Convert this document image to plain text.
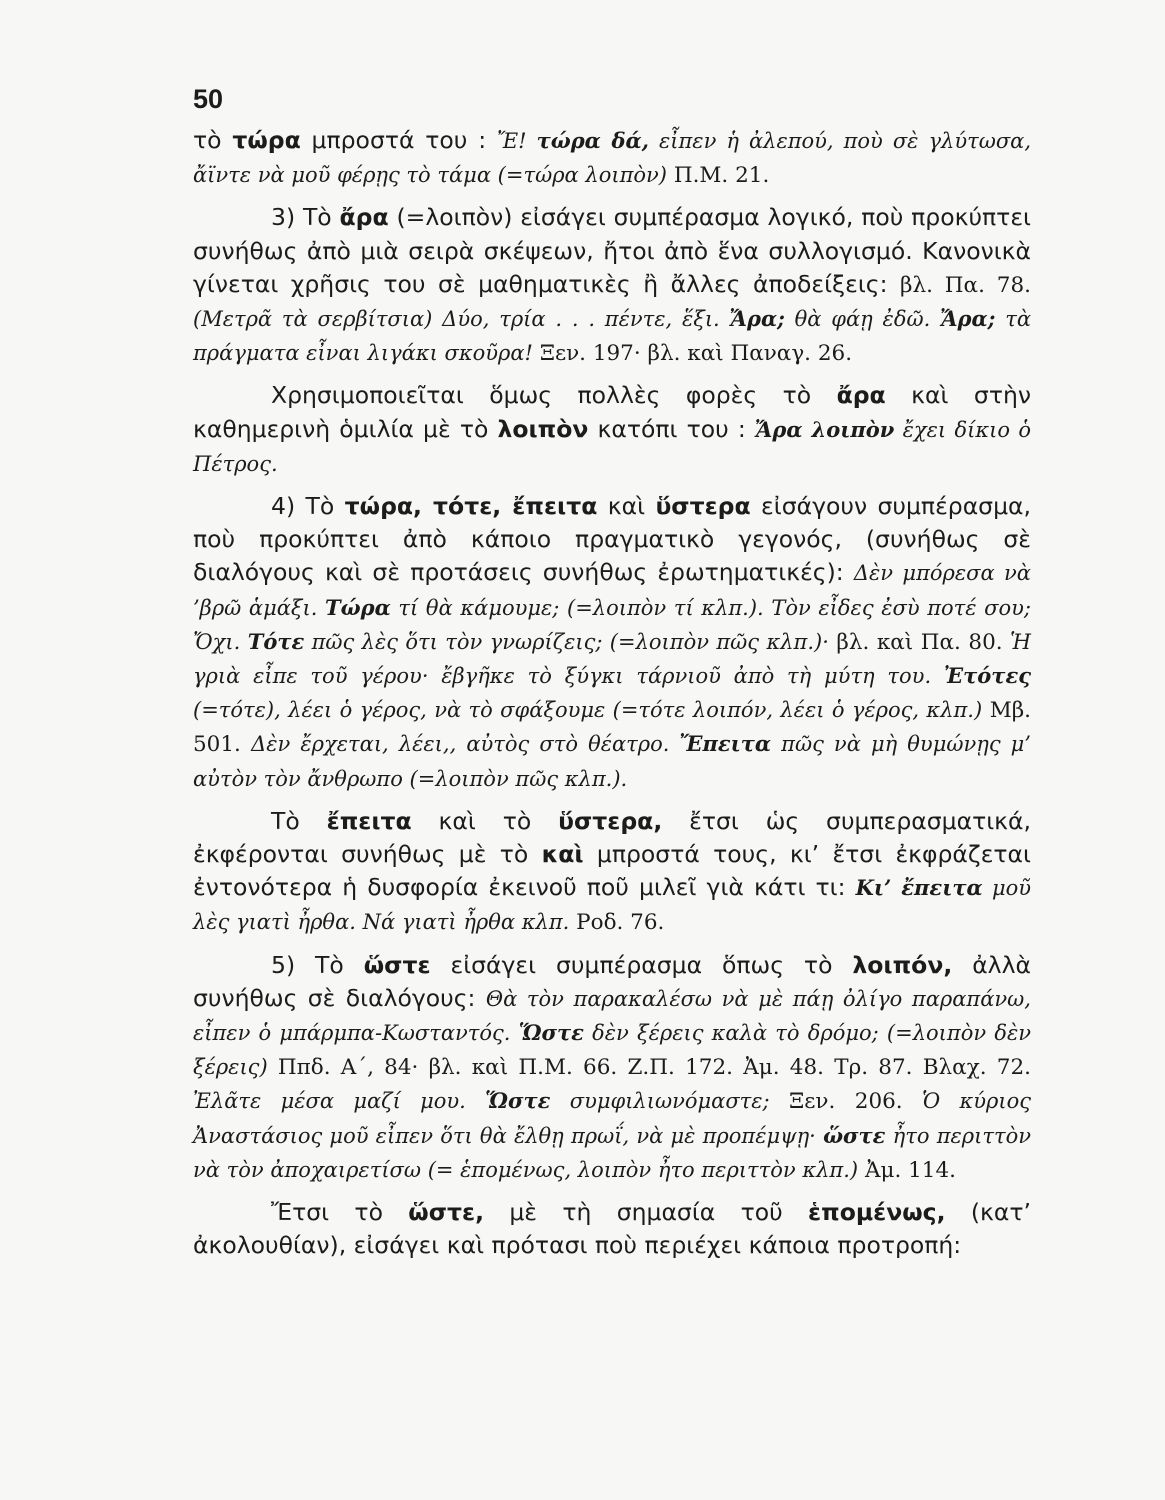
50

τὸ τώρα μπροστά του : Ἔ! τώρα δά, εἶπεν ἡ ἀλεπού, ποὺ σὲ γλύτωσα, ἄϊντε νὰ μοῦ φέρῃς τὸ τάμα (=τώρα λοιπὸν) Π.Μ. 21.

3) Τὸ ἄρα (=λοιπὸν) εἰσάγει συμπέρασμα λογικό, ποὺ προκύπτει συνήθως ἀπὸ μιὰ σειρὰ σκέψεων, ἤτοι ἀπὸ ἕνα συλλογισμό. Κανονικὰ γίνεται χρῆσις του σὲ μαθηματικὲς ἢ ἄλλες ἀποδείξεις: βλ. Πα. 78. (Μετρᾶ τὰ σερβίτσια) Δύο, τρία . . . πέντε, ἕξι. Ἄρα; θὰ φάῃ ἐδῶ. Ἄρα; τὰ πράγματα εἶναι λιγάκι σκοῦρα! Ξεν. 197· βλ. καὶ Παναγ. 26.

Χρησιμοποιεῖται ὅμως πολλὲς φορὲς τὸ ἄρα καὶ στὴν καθημερινὴ ὁμιλία μὲ τὸ λοιπὸν κατόπι του : Ἄρα λοιπὸν ἔχει δίκιο ὁ Πέτρος.

4) Τὸ τώρα, τότε, ἔπειτα καὶ ὕστερα εἰσάγουν συμπέρασμα, ποὺ προκύπτει ἀπὸ κάποιο πραγματικὸ γεγονός, (συνήθως σὲ διαλόγους καὶ σὲ προτάσεις συνήθως ἐρωτηματικές): Δὲν μπόρεσα νὰ ’βρῶ ἁμάξι. Τώρα τί θὰ κάμουμε; (=λοιπὸν τί κλπ.). Τὸν εἶδες ἐσὺ ποτέ σου; Ὄχι. Τότε πῶς λὲς ὅτι τὸν γνωρίζεις; (=λοιπὸν πῶς κλπ.)· βλ. καὶ Πα. 80. Ἡ γριὰ εἶπε τοῦ γέρου· ἔβγῆκε τὸ ξύγκι τάρνιοῦ ἀπὸ τὴ μύτη του. Ἐτότες (=τότε), λέει ὁ γέρος, νὰ τὸ σφάξουμε (=τότε λοιπόν, λέει ὁ γέρος, κλπ.) Μβ. 501. Δὲν ἔρχεται, λέει,, αὐτὸς στὸ θέατρο. Ἔπειτα πῶς νὰ μὴ θυμώνῃς μ’ αὐτὸν τὸν ἄνθρωπο (=λοιπὸν πῶς κλπ.).

Τὸ ἔπειτα καὶ τὸ ὕστερα, ἔτσι ὡς συμπερασματικά, ἐκφέρονται συνήθως μὲ τὸ καὶ μπροστά τους, κι’ ἔτσι ἐκφράζεται ἐντονότερα ἡ δυσφορία ἐκεινοῦ ποῦ μιλεῖ γιὰ κάτι τι: Κι’ ἔπειτα μοῦ λὲς γιατὶ ἦρθα. Νά γιατὶ ἦρθα κλπ. Ροδ. 76.

5) Τὸ ὥστε εἰσάγει συμπέρασμα ὅπως τὸ λοιπόν, ἀλλὰ συνήθως σὲ διαλόγους: Θὰ τὸν παρακαλέσω νὰ μὲ πάῃ ὀλίγο παραπάνω, εἶπεν ὁ μπάρμπα-Κωσταντός. Ὥστε δὲν ξέρεις καλὰ τὸ δρόμο; (=λοιπὸν δὲν ξέρεις) Ππδ. Α΄, 84· βλ. καὶ Π.Μ. 66. Ζ.Π. 172. Ἀμ. 48. Τρ. 87. Βλαχ. 72. Ἐλᾶτε μέσα μαζί μου. Ὥστε συμφιλιωνόμαστε; Ξεν. 206. Ὁ κύριος Ἀναστάσιος μοῦ εἶπεν ὅτι θὰ ἔλθῃ πρωΐ, νὰ μὲ προπέμψῃ· ὥστε ἦτο περιττὸν νὰ τὸν ἀποχαιρετίσω (= ἑπομένως, λοιπὸν ἦτο περιττὸν κλπ.) Ἀμ. 114.

Ἔτσι τὸ ὥστε, μὲ τὴ σημασία τοῦ ἑπομένως, (κατ’ ἀκολουθίαν), εἰσάγει καὶ πρότασι ποὺ περιέχει κάποια προτροπή:
